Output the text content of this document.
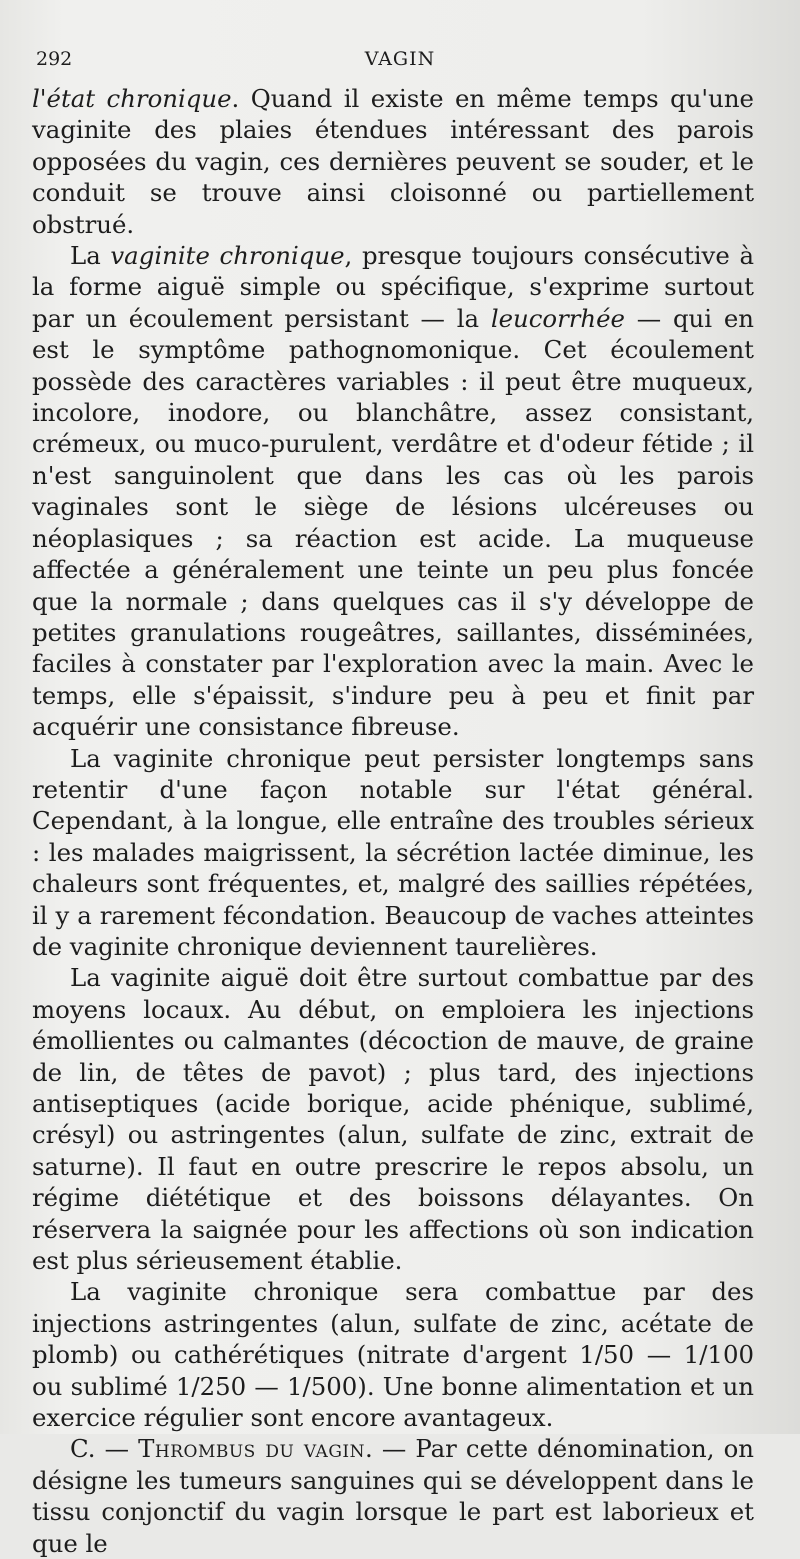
292	VAGIN

l'état chronique. Quand il existe en même temps qu'une vaginite des plaies étendues intéressant des parois opposées du vagin, ces dernières peuvent se souder, et le conduit se trouve ainsi cloisonné ou partiellement obstrué.

La vaginite chronique, presque toujours consécutive à la forme aiguë simple ou spécifique, s'exprime surtout par un écoulement persistant — la leucorrhée — qui en est le symptôme pathognomonique. Cet écoulement possède des caractères variables : il peut être muqueux, incolore, inodore, ou blanchâtre, assez consistant, crémeux, ou muco-purulent, verdâtre et d'odeur fétide ; il n'est sanguinolent que dans les cas où les parois vaginales sont le siège de lésions ulcéreuses ou néoplasiques ; sa réaction est acide. La muqueuse affectée a généralement une teinte un peu plus foncée que la normale ; dans quelques cas il s'y développe de petites granulations rougeâtres, saillantes, disséminées, faciles à constater par l'exploration avec la main. Avec le temps, elle s'épaissit, s'indure peu à peu et finit par acquérir une consistance fibreuse.

La vaginite chronique peut persister longtemps sans retentir d'une façon notable sur l'état général. Cependant, à la longue, elle entraîne des troubles sérieux : les malades maigrissent, la sécrétion lactée diminue, les chaleurs sont fréquentes, et, malgré des saillies répétées, il y a rarement fécondation. Beaucoup de vaches atteintes de vaginite chronique deviennent taurelières.

La vaginite aiguë doit être surtout combattue par des moyens locaux. Au début, on emploiera les injections émollientes ou calmantes (décoction de mauve, de graine de lin, de têtes de pavot) ; plus tard, des injections antiseptiques (acide borique, acide phénique, sublimé, crésyl) ou astringentes (alun, sulfate de zinc, extrait de saturne). Il faut en outre prescrire le repos absolu, un régime diététique et des boissons délayantes. On réservera la saignée pour les affections où son indication est plus sérieusement établie.

La vaginite chronique sera combattue par des injections astringentes (alun, sulfate de zinc, acétate de plomb) ou cathérétiques (nitrate d'argent 1/50 — 1/100 ou sublimé 1/250 — 1/500). Une bonne alimentation et un exercice régulier sont encore avantageux.

C. — Thrombus du vagin. — Par cette dénomination, on désigne les tumeurs sanguines qui se développent dans le tissu conjonctif du vagin lorsque le part est laborieux et que le
